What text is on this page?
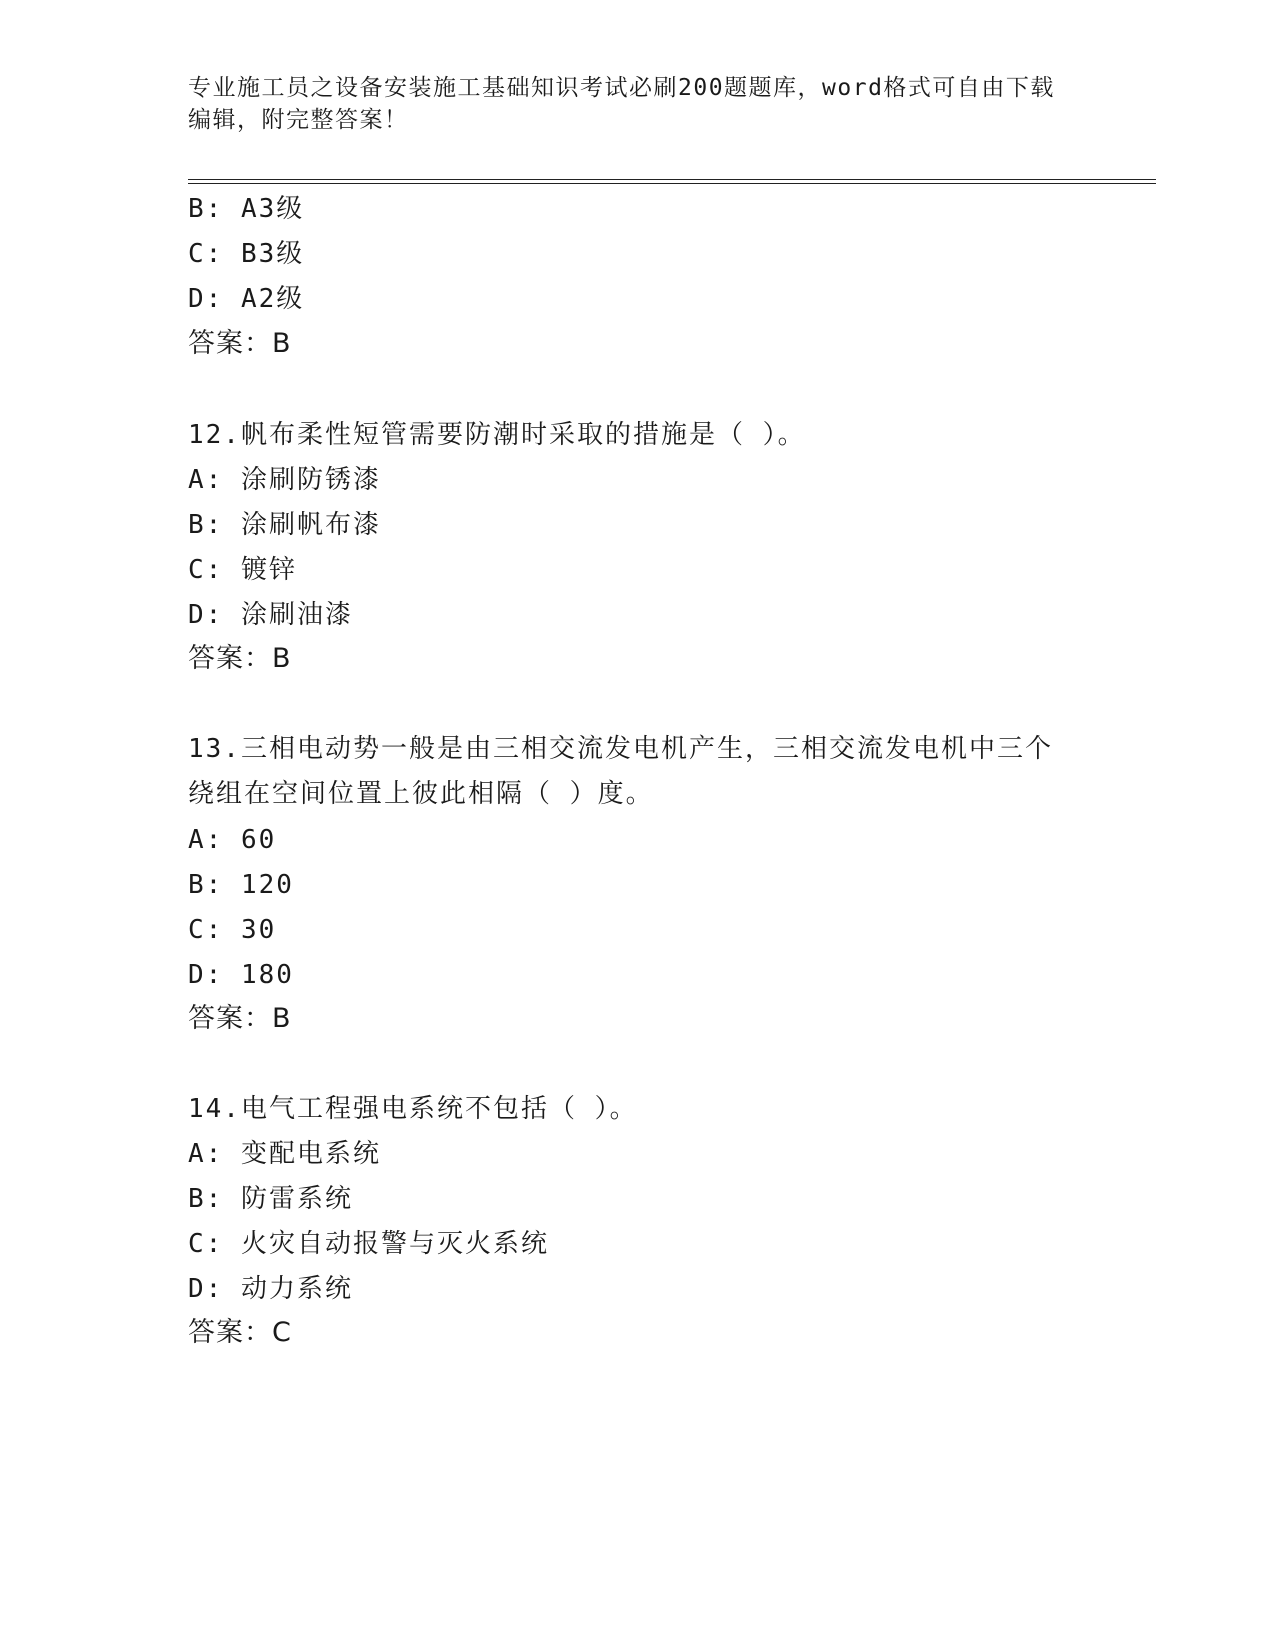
专业施工员之设备安装施工基础知识考试必刷200题题库，word格式可自由下载
编辑，附完整答案！
B: A3级
C: B3级
D: A2级
答案：B
12.帆布柔性短管需要防潮时采取的措施是（ ）。
A: 涂刷防锈漆
B: 涂刷帆布漆
C: 镀锌
D: 涂刷油漆
答案：B
13.三相电动势一般是由三相交流发电机产生，三相交流发电机中三个
绕组在空间位置上彼此相隔（ ）度。
A: 60
B: 120
C: 30
D: 180
答案：B
14.电气工程强电系统不包括（ ）。
A: 变配电系统
B: 防雷系统
C: 火灾自动报警与灭火系统
D: 动力系统
答案：C
